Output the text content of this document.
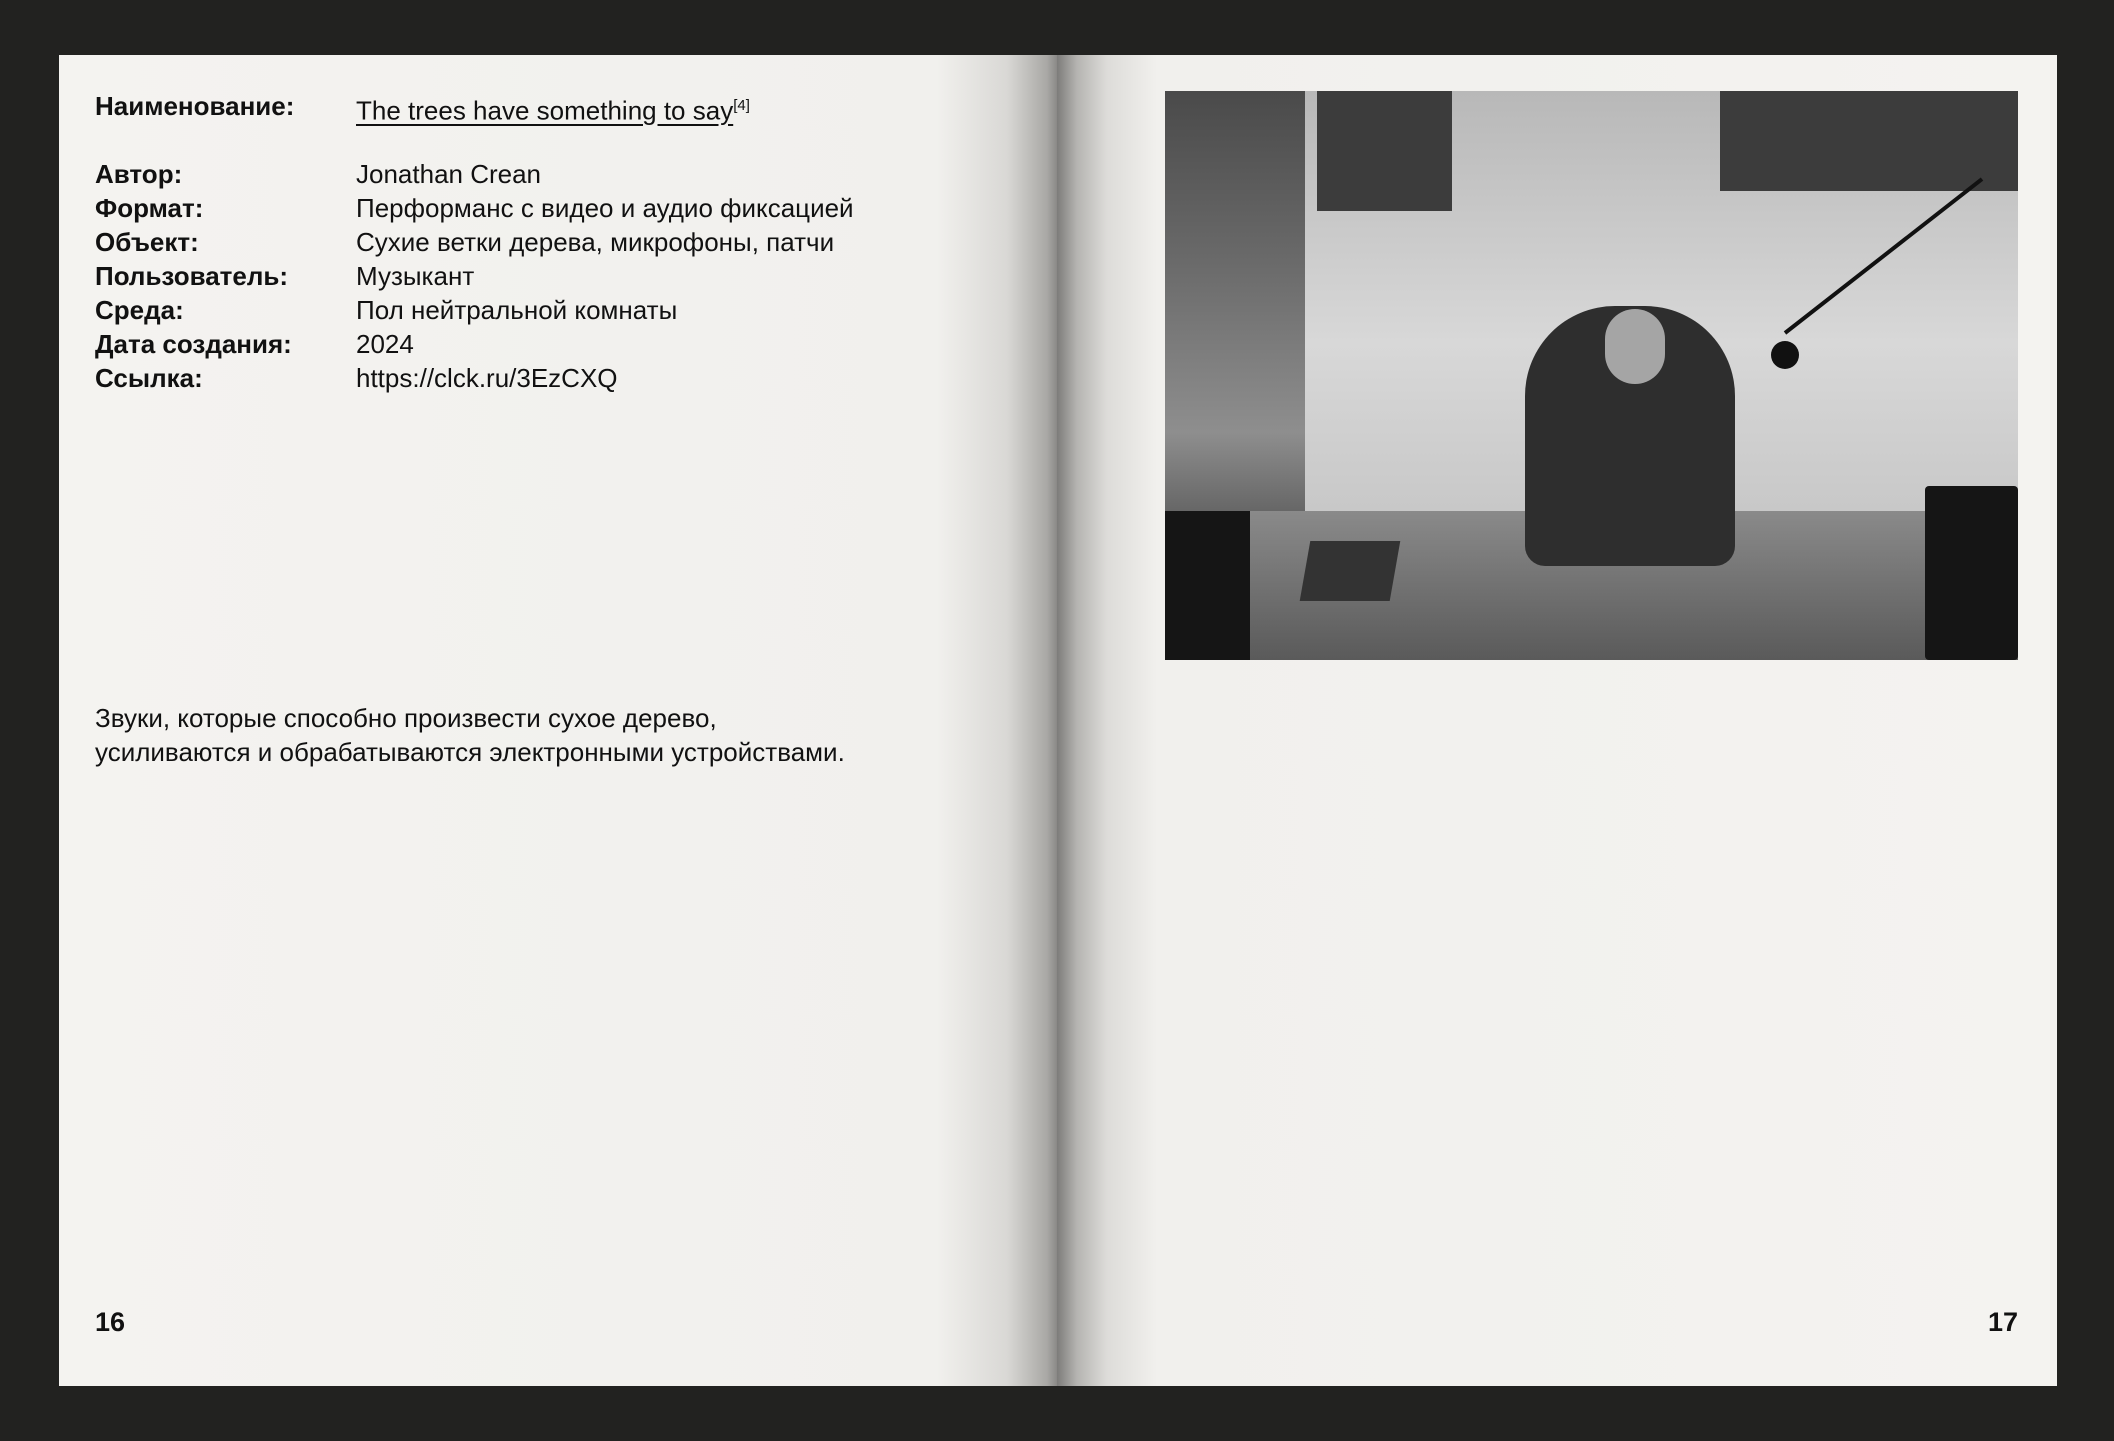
Наименование: The trees have something to say[4]
Автор:	Jonathan Crean
Формат:	Перформанс с видео и аудио фиксацией
Объект:	Сухие ветки дерева, микрофоны, патчи
Пользователь:	Музыкант
Среда:	Пол нейтральной комнаты
Дата создания: 2024
Ссылка:	https://clck.ru/3EzCXQ
Звуки, которые способно произвести сухое дерево,
усиливаются и обрабатываются электронными устройствами.
16	17
